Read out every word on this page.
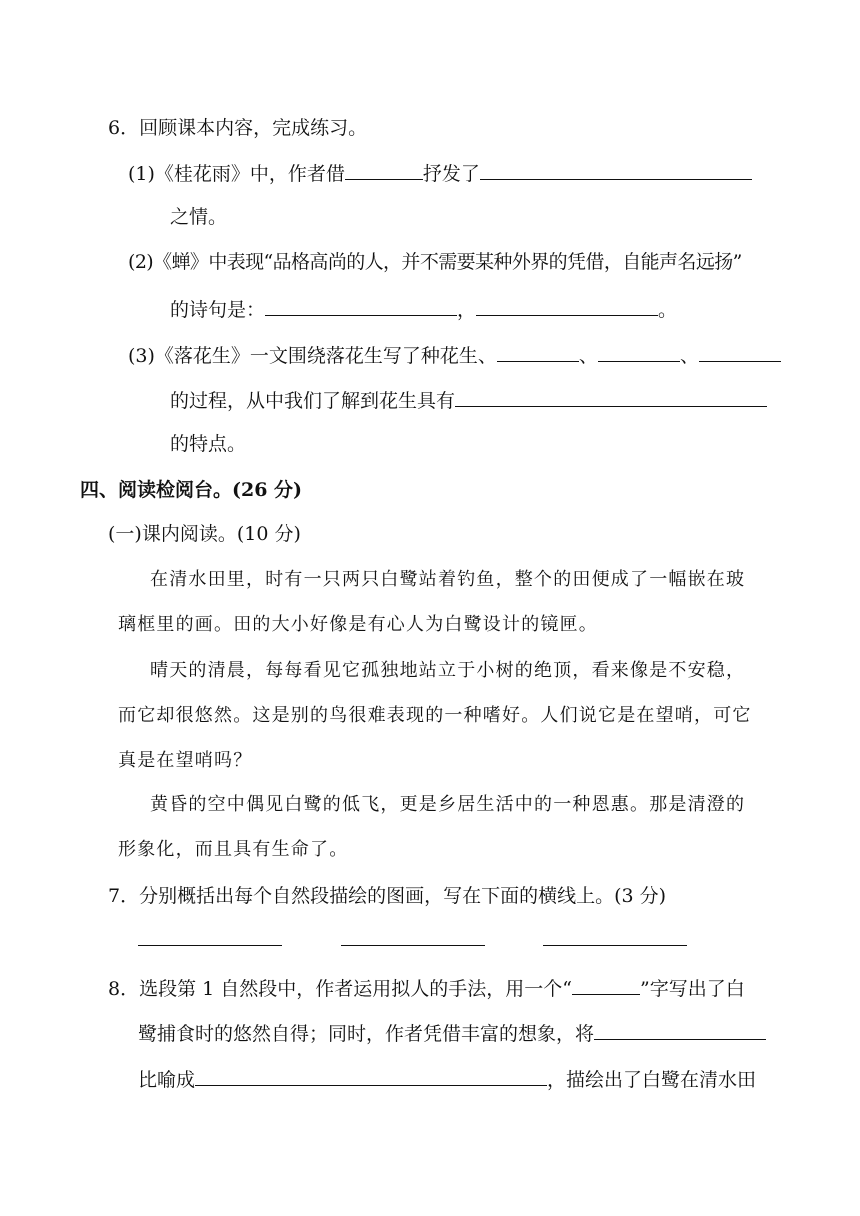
6．回顾课本内容，完成练习。
(1)《桂花雨》中，作者借	抒发了
之情。
(2)《蝉》中表现“品格高尚的人，并不需要某种外界的凭借，自能声名远扬”
的诗句是：	，	。
(3)《落花生》一文围绕落花生写了种花生、	、	、
的过程，从中我们了解到花生具有
的特点。
四、阅读检阅台。(26 分)
(一)课内阅读。(10 分)
在清水田里，时有一只两只白鹭站着钓鱼，整个的田便成了一幅嵌在玻
璃框里的画。田的大小好像是有心人为白鹭设计的镜匣。
晴天的清晨，每每看见它孤独地站立于小树的绝顶，看来像是不安稳，
而它却很悠然。这是别的鸟很难表现的一种嗜好。人们说它是在望哨，可它
真是在望哨吗？
黄昏的空中偶见白鹭的低飞，更是乡居生活中的一种恩惠。那是清澄的
形象化，而且具有生命了。
7．分别概括出每个自然段描绘的图画，写在下面的横线上。(3 分)
8．选段第 1 自然段中，作者运用拟人的手法，用一个“	”字写出了白
鹭捕食时的悠然自得；同时，作者凭借丰富的想象，将
比喻成	，描绘出了白鹭在清水田
